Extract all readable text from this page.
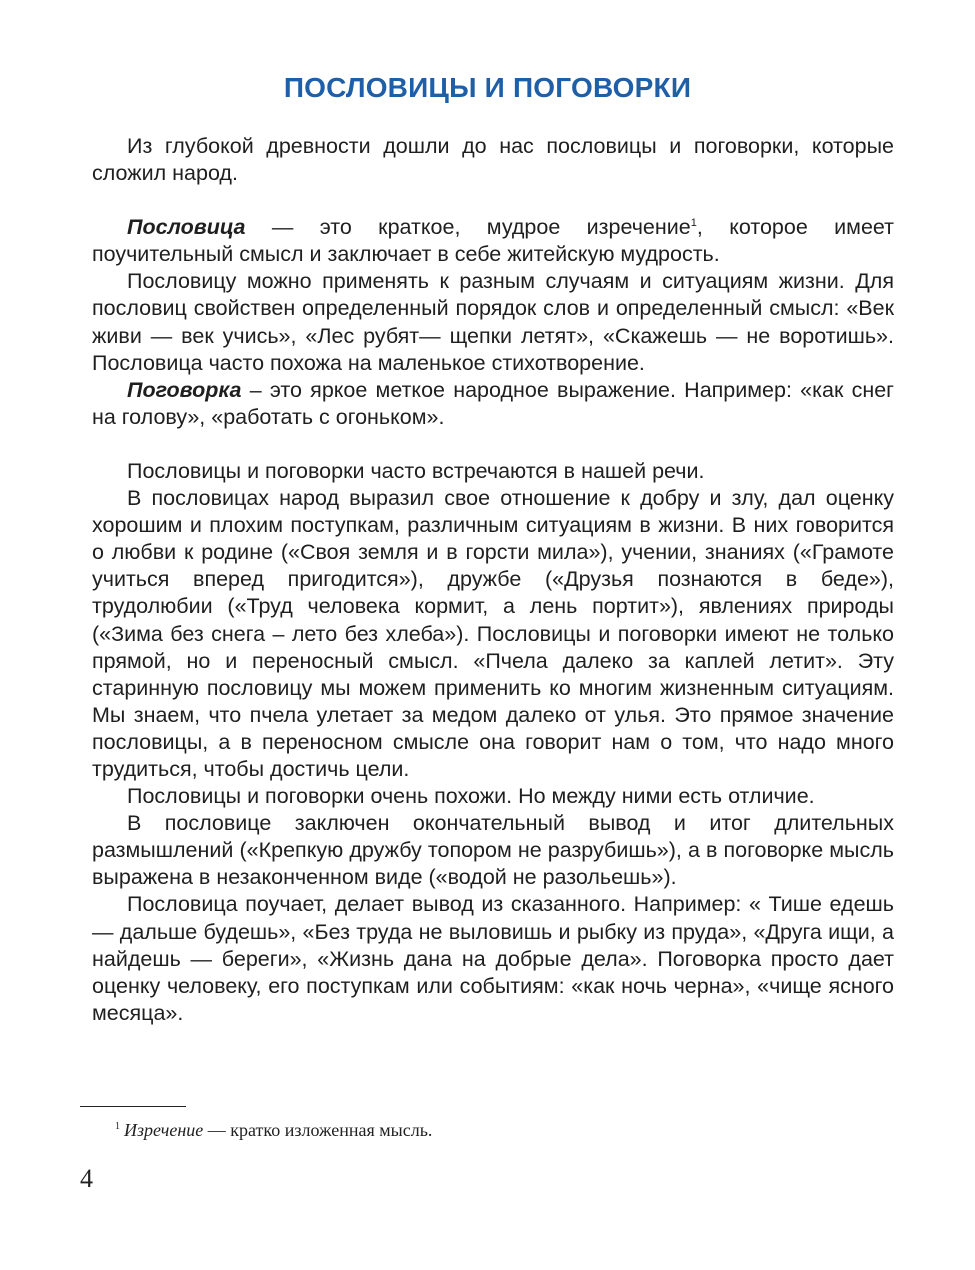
ПОСЛОВИЦЫ И ПОГОВОРКИ

Из глубокой древности дошли до нас пословицы и поговорки, которые сложил народ.

Пословица — это краткое, мудрое изречение$^1$, которое имеет поучительный смысл и заключает в себе житейскую мудрость.

Пословицу можно применять к разным случаям и ситуациям жизни. Для пословиц свойствен определенный порядок слов и определенный смысл: «Век живи — век учись», «Лес рубят— щепки летят», «Скажешь — не воротишь». Пословица часто похожа на маленькое стихотворение.

Поговорка – это яркое меткое народное выражение. Например: «как снег на голову», «работать с огоньком».

Пословицы и поговорки часто встречаются в нашей речи.

В пословицах народ выразил свое отношение к добру и злу, дал оценку хорошим и плохим поступкам, различным ситуациям в жизни. В них говорится о любви к родине («Своя земля и в горсти мила»), учении, знаниях («Грамоте учиться вперед пригодится»), дружбе («Друзья познаются в беде»), трудолюбии («Труд человека кормит, а лень портит»), явлениях природы («Зима без снега – лето без хлеба»). Пословицы и поговорки имеют не только прямой, но и переносный смысл. «Пчела далеко за каплей летит». Эту старинную пословицу мы можем применить ко многим жизненным ситуациям. Мы знаем, что пчела улетает за медом далеко от улья. Это прямое значение пословицы, а в переносном смысле она говорит нам о том, что надо много трудиться, чтобы достичь цели.

Пословицы и поговорки очень похожи. Но между ними есть отличие.

В пословице заключен окончательный вывод и итог длительных размышлений («Крепкую дружбу топором не разрубишь»), а в поговорке мысль выражена в незаконченном виде («водой не разольешь»).

Пословица поучает, делает вывод из сказанного. Например: « Тише едешь — дальше будешь», «Без труда не выловишь и рыбку из пруда», «Друга ищи, а найдешь — береги», «Жизнь дана на добрые дела». Поговорка просто дает оценку человеку, его поступкам или событиям: «как ночь черна», «чище ясного месяца».

$^1$ Изречение — кратко изложенная мысль.
4
